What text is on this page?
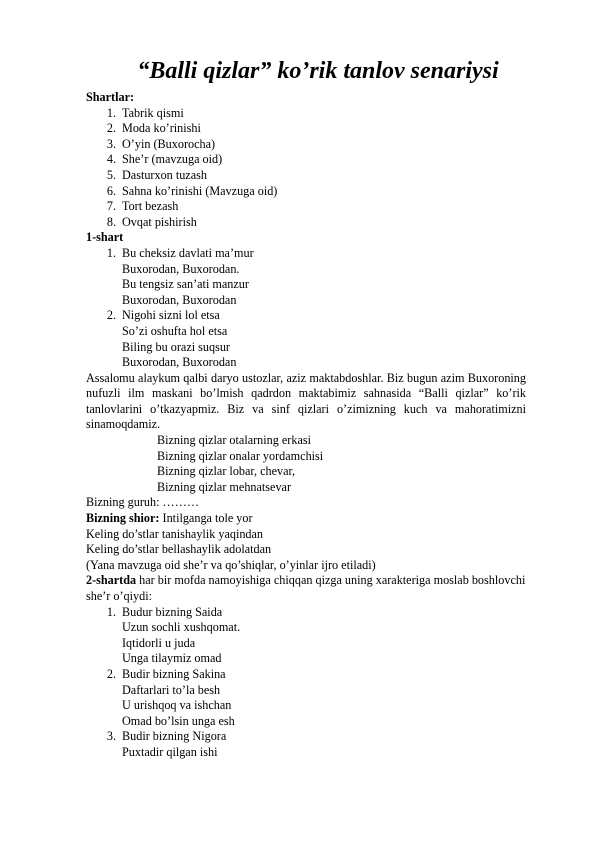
“Balli qizlar” ko’rik tanlov senariysi
Shartlar:
1. Tabrik qismi
2. Moda ko’rinishi
3. O’yin (Buxorocha)
4. She’r (mavzuga oid)
5. Dasturxon tuzash
6. Sahna ko’rinishi (Mavzuga oid)
7. Tort bezash
8. Ovqat pishirish
1-shart
1. Bu cheksiz davlati ma’mur
Buxorodan, Buxorodan.
Bu tengsiz san’ati manzur
Buxorodan, Buxorodan
2. Nigohi sizni lol etsa
So’zi oshufta hol etsa
Biling bu orazi suqsur
Buxorodan, Buxorodan
Assalomu alaykum qalbi daryo ustozlar, aziz maktabdoshlar. Biz bugun azim Buxoroning nufuzli ilm maskani bo’lmish qadrdon maktabimiz sahnasida “Balli qizlar” ko’rik tanlovlarini o’tkazyapmiz. Biz va sinf qizlari o’zimizning kuch va mahoratimizni sinamoqdamiz.
Bizning qizlar otalarning erkasi
Bizning qizlar onalar yordamchisi
Bizning qizlar lobar, chevar,
Bizning qizlar mehnatsevar
Bizning guruh: ………
Bizning shior: Intilganga tole yor
Keling do’stlar tanishaylik yaqindan
Keling do’stlar bellashaylik adolatdan
(Yana mavzuga oid she’r va qo’shiqlar, o’yinlar ijro etiladi)
2-shartda har bir mofda namoyishiga chiqqan qizga uning xarakteriga moslab boshlovchi she’r o’qiydi:
1. Budur bizning Saida
Uzun sochli xushqomat.
Iqtidorli u juda
Unga tilaymiz omad
2. Budir bizning Sakina
Daftarlari to’la besh
U urishqoq va ishchan
Omad bo’lsin unga esh
3. Budir bizning Nigora
Puxtadir qilgan ishi
